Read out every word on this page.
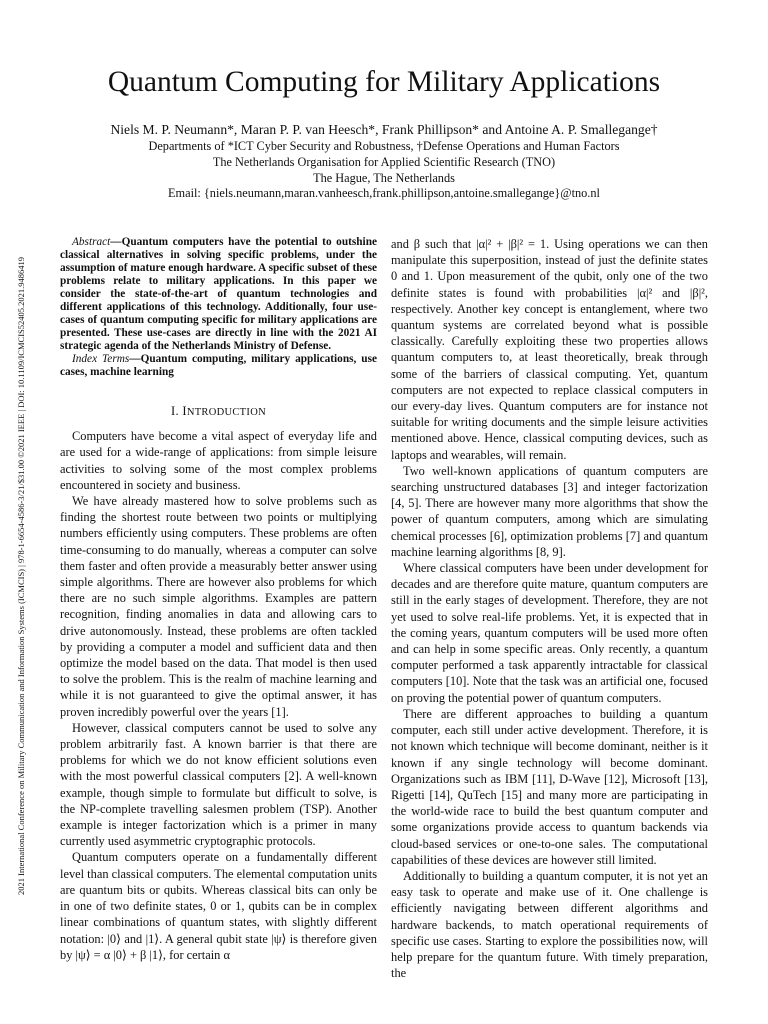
2021 International Conference on Military Communication and Information Systems (ICMCIS) | 978-1-6654-4586-3/21/$31.00 ©2021 IEEE | DOI: 10.1109/ICMCIS52405.2021.9486419
Quantum Computing for Military Applications
Niels M. P. Neumann*, Maran P. P. van Heesch*, Frank Phillipson* and Antoine A. P. Smallegange†
Departments of *ICT Cyber Security and Robustness, †Defense Operations and Human Factors
The Netherlands Organisation for Applied Scientific Research (TNO)
The Hague, The Netherlands
Email: {niels.neumann,maran.vanheesch,frank.phillipson,antoine.smallegange}@tno.nl

Abstract—Quantum computers have the potential to outshine classical alternatives in solving specific problems, under the assumption of mature enough hardware. A specific subset of these problems relate to military applications. In this paper we consider the state-of-the-art of quantum technologies and different applications of this technology. Additionally, four use-cases of quantum computing specific for military applications are presented. These use-cases are directly in line with the 2021 AI strategic agenda of the Netherlands Ministry of Defense.

Index Terms—Quantum computing, military applications, use cases, machine learning

I. INTRODUCTION

Computers have become a vital aspect of everyday life and are used for a wide-range of applications: from simple leisure activities to solving some of the most complex problems encountered in society and business.

We have already mastered how to solve problems such as finding the shortest route between two points or multiplying numbers efficiently using computers. These problems are often time-consuming to do manually, whereas a computer can solve them faster and often provide a measurably better answer using simple algorithms. There are however also problems for which there are no such simple algorithms. Examples are pattern recognition, finding anomalies in data and allowing cars to drive autonomously. Instead, these problems are often tackled by providing a computer a model and sufficient data and then optimize the model based on the data. That model is then used to solve the problem. This is the realm of machine learning and while it is not guaranteed to give the optimal answer, it has proven incredibly powerful over the years [1].

However, classical computers cannot be used to solve any problem arbitrarily fast. A known barrier is that there are problems for which we do not know efficient solutions even with the most powerful classical computers [2]. A well-known example, though simple to formulate but difficult to solve, is the NP-complete travelling salesmen problem (TSP). Another example is integer factorization which is a primer in many currently used asymmetric cryptographic protocols.

Quantum computers operate on a fundamentally different level than classical computers. The elemental computation units are quantum bits or qubits. Whereas classical bits can only be in one of two definite states, 0 or 1, qubits can be in complex linear combinations of quantum states, with slightly different notation: |0⟩ and |1⟩. A general qubit state |ψ⟩ is therefore given by |ψ⟩ = α |0⟩ + β |1⟩, for certain α

and β such that |α|² + |β|² = 1. Using operations we can then manipulate this superposition, instead of just the definite states 0 and 1. Upon measurement of the qubit, only one of the two definite states is found with probabilities |α|² and |β|², respectively. Another key concept is entanglement, where two quantum systems are correlated beyond what is possible classically. Carefully exploiting these two properties allows quantum computers to, at least theoretically, break through some of the barriers of classical computing. Yet, quantum computers are not expected to replace classical computers in our every-day lives. Quantum computers are for instance not suitable for writing documents and the simple leisure activities mentioned above. Hence, classical computing devices, such as laptops and wearables, will remain.

Two well-known applications of quantum computers are searching unstructured databases [3] and integer factorization [4, 5]. There are however many more algorithms that show the power of quantum computers, among which are simulating chemical processes [6], optimization problems [7] and quantum machine learning algorithms [8, 9].

Where classical computers have been under development for decades and are therefore quite mature, quantum computers are still in the early stages of development. Therefore, they are not yet used to solve real-life problems. Yet, it is expected that in the coming years, quantum computers will be used more often and can help in some specific areas. Only recently, a quantum computer performed a task apparently intractable for classical computers [10]. Note that the task was an artificial one, focused on proving the potential power of quantum computers.

There are different approaches to building a quantum computer, each still under active development. Therefore, it is not known which technique will become dominant, neither is it known if any single technology will become dominant. Organizations such as IBM [11], D-Wave [12], Microsoft [13], Rigetti [14], QuTech [15] and many more are participating in the world-wide race to build the best quantum computer and some organizations provide access to quantum backends via cloud-based services or one-to-one sales. The computational capabilities of these devices are however still limited.

Additionally to building a quantum computer, it is not yet an easy task to operate and make use of it. One challenge is efficiently navigating between different algorithms and hardware backends, to match operational requirements of specific use cases. Starting to explore the possibilities now, will help prepare for the quantum future. With timely preparation, the
